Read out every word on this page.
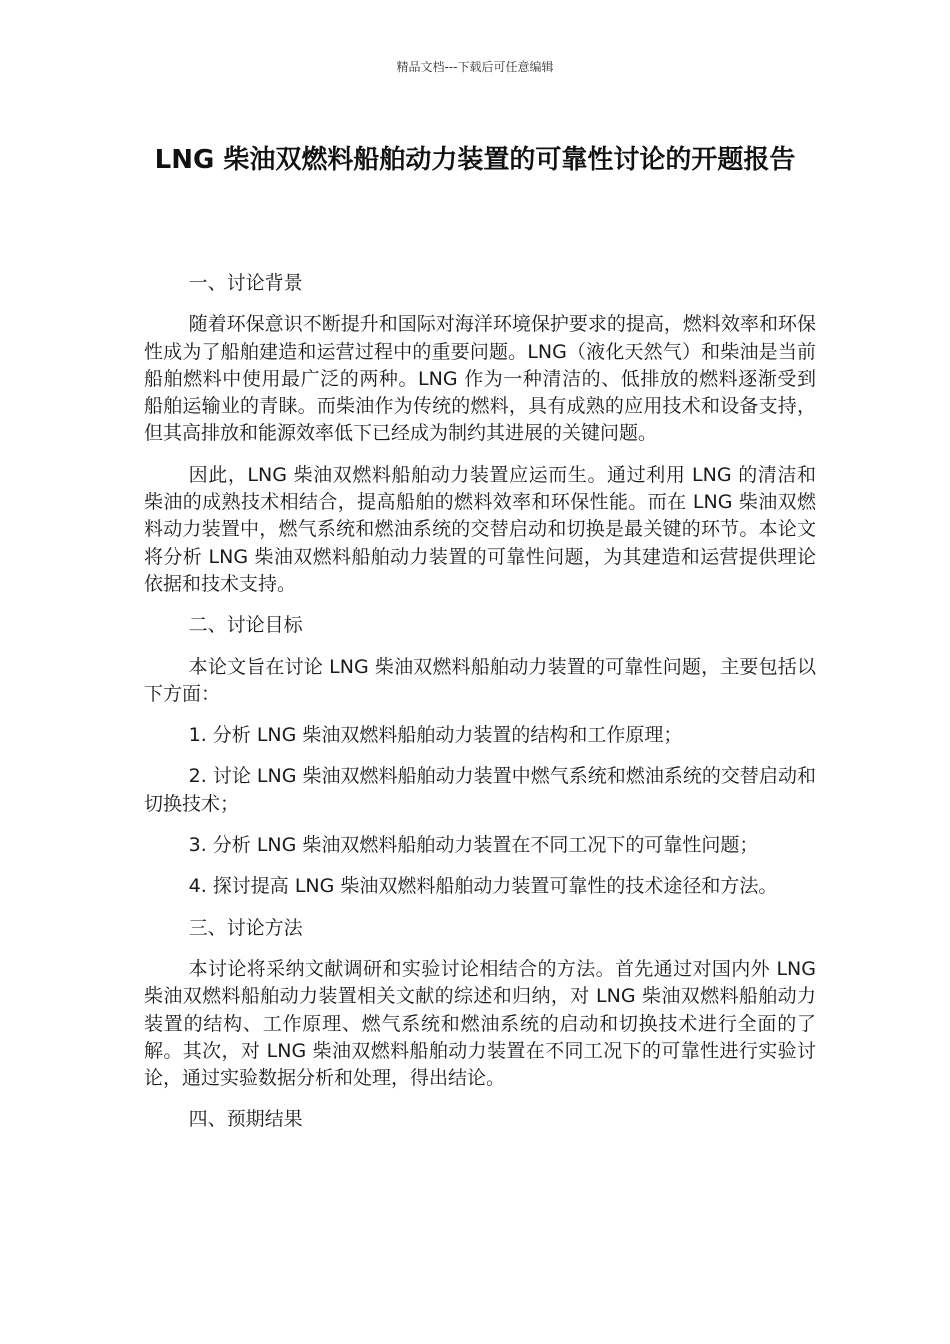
精品文档---下载后可任意编辑
LNG 柴油双燃料船舶动力装置的可靠性讨论的开题报告

一、讨论背景

随着环保意识不断提升和国际对海洋环境保护要求的提高，燃料效率和环保性成为了船舶建造和运营过程中的重要问题。LNG（液化天然气）和柴油是当前船舶燃料中使用最广泛的两种。LNG 作为一种清洁的、低排放的燃料逐渐受到船舶运输业的青睐。而柴油作为传统的燃料，具有成熟的应用技术和设备支持，但其高排放和能源效率低下已经成为制约其进展的关键问题。

因此，LNG 柴油双燃料船舶动力装置应运而生。通过利用 LNG 的清洁和柴油的成熟技术相结合，提高船舶的燃料效率和环保性能。而在 LNG 柴油双燃料动力装置中，燃气系统和燃油系统的交替启动和切换是最关键的环节。本论文将分析 LNG 柴油双燃料船舶动力装置的可靠性问题，为其建造和运营提供理论依据和技术支持。

二、讨论目标

本论文旨在讨论 LNG 柴油双燃料船舶动力装置的可靠性问题，主要包括以下方面：

1. 分析 LNG 柴油双燃料船舶动力装置的结构和工作原理；

2. 讨论 LNG 柴油双燃料船舶动力装置中燃气系统和燃油系统的交替启动和切换技术；

3. 分析 LNG 柴油双燃料船舶动力装置在不同工况下的可靠性问题；

4. 探讨提高 LNG 柴油双燃料船舶动力装置可靠性的技术途径和方法。

三、讨论方法

本讨论将采纳文献调研和实验讨论相结合的方法。首先通过对国内外 LNG 柴油双燃料船舶动力装置相关文献的综述和归纳，对 LNG 柴油双燃料船舶动力装置的结构、工作原理、燃气系统和燃油系统的启动和切换技术进行全面的了解。其次，对 LNG 柴油双燃料船舶动力装置在不同工况下的可靠性进行实验讨论，通过实验数据分析和处理，得出结论。

四、预期结果
